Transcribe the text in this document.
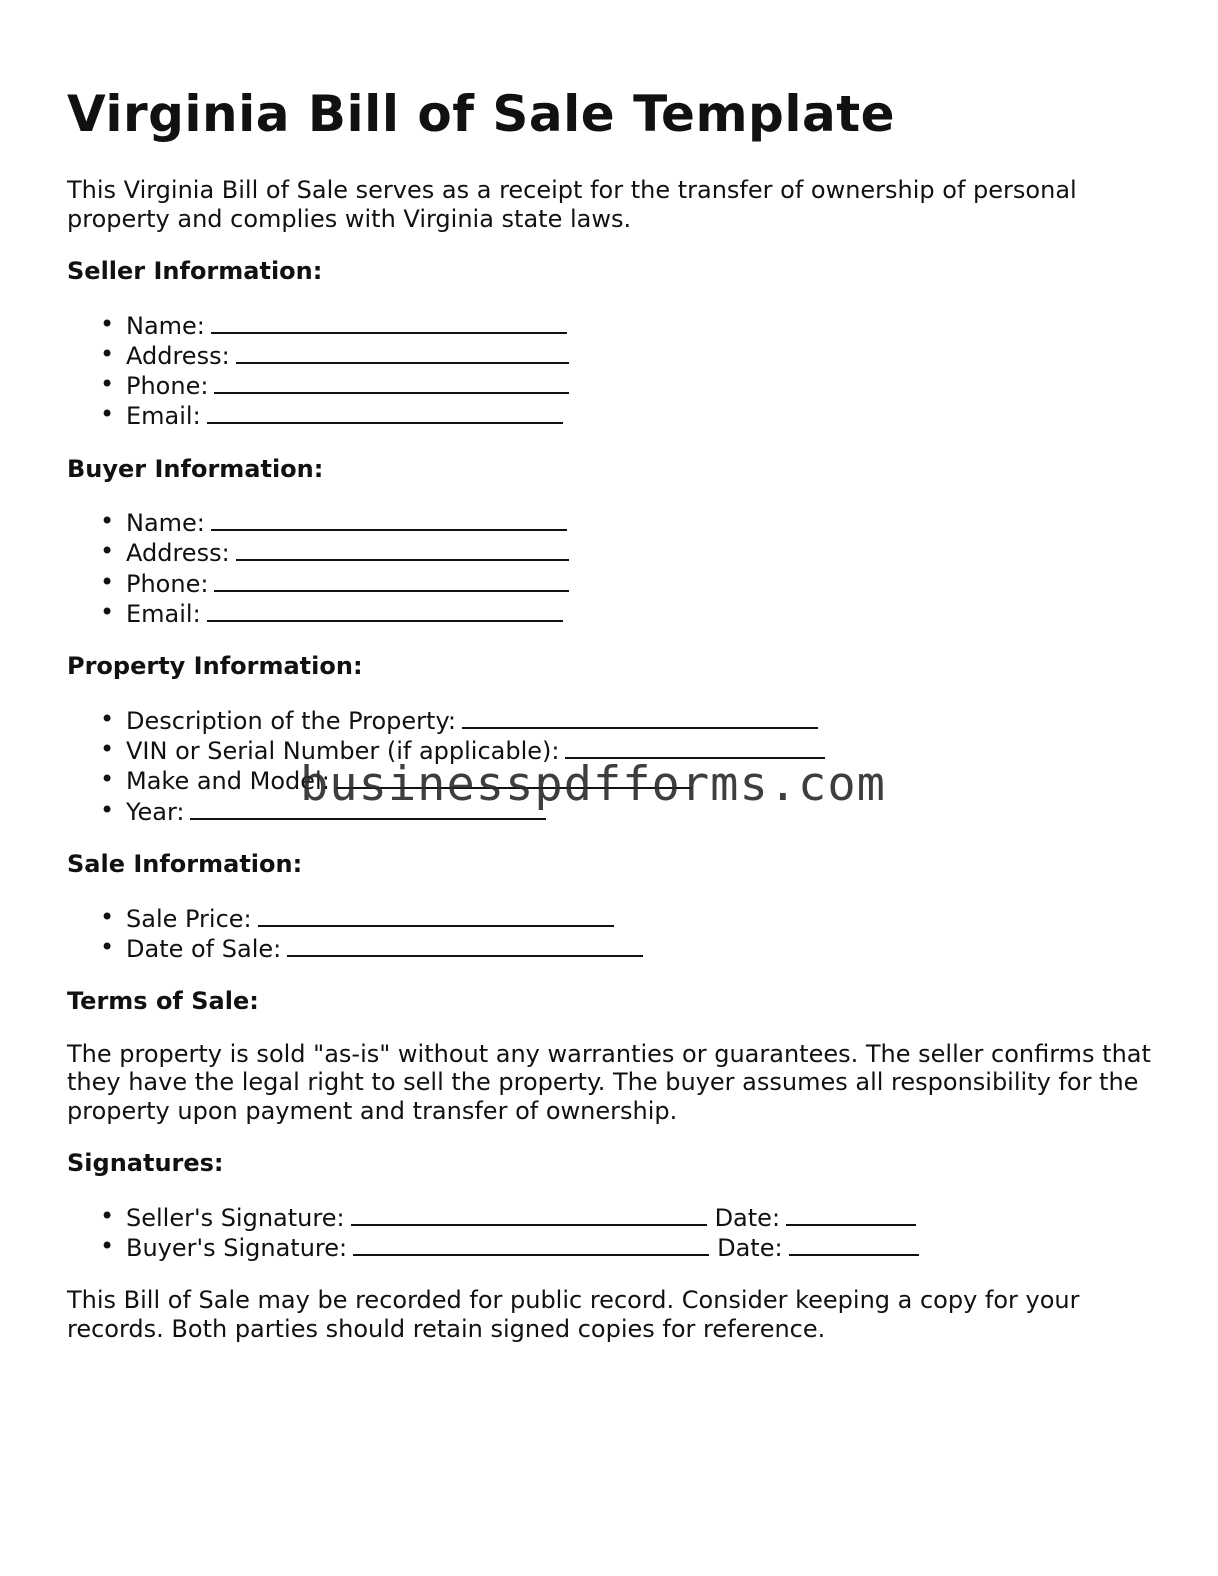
Virginia Bill of Sale Template

This Virginia Bill of Sale serves as a receipt for the transfer of ownership of personal property and complies with Virginia state laws.

Seller Information:
• Name:
• Address:
• Phone:
• Email:
Buyer Information:
• Name:
• Address:
• Phone:
• Email:
Property Information:
• Description of the Property:
• VIN or Serial Number (if applicable):
• Make and Model:
• Year:
Sale Information:
• Sale Price:
• Date of Sale:
Terms of Sale:

The property is sold "as-is" without any warranties or guarantees. The seller confirms that they have the legal right to sell the property. The buyer assumes all responsibility for the property upon payment and transfer of ownership.

Signatures:
• Seller's Signature:	Date:
• Buyer's Signature:	Date:

This Bill of Sale may be recorded for public record. Consider keeping a copy for your records. Both parties should retain signed copies for reference.

businesspdfforms.com
